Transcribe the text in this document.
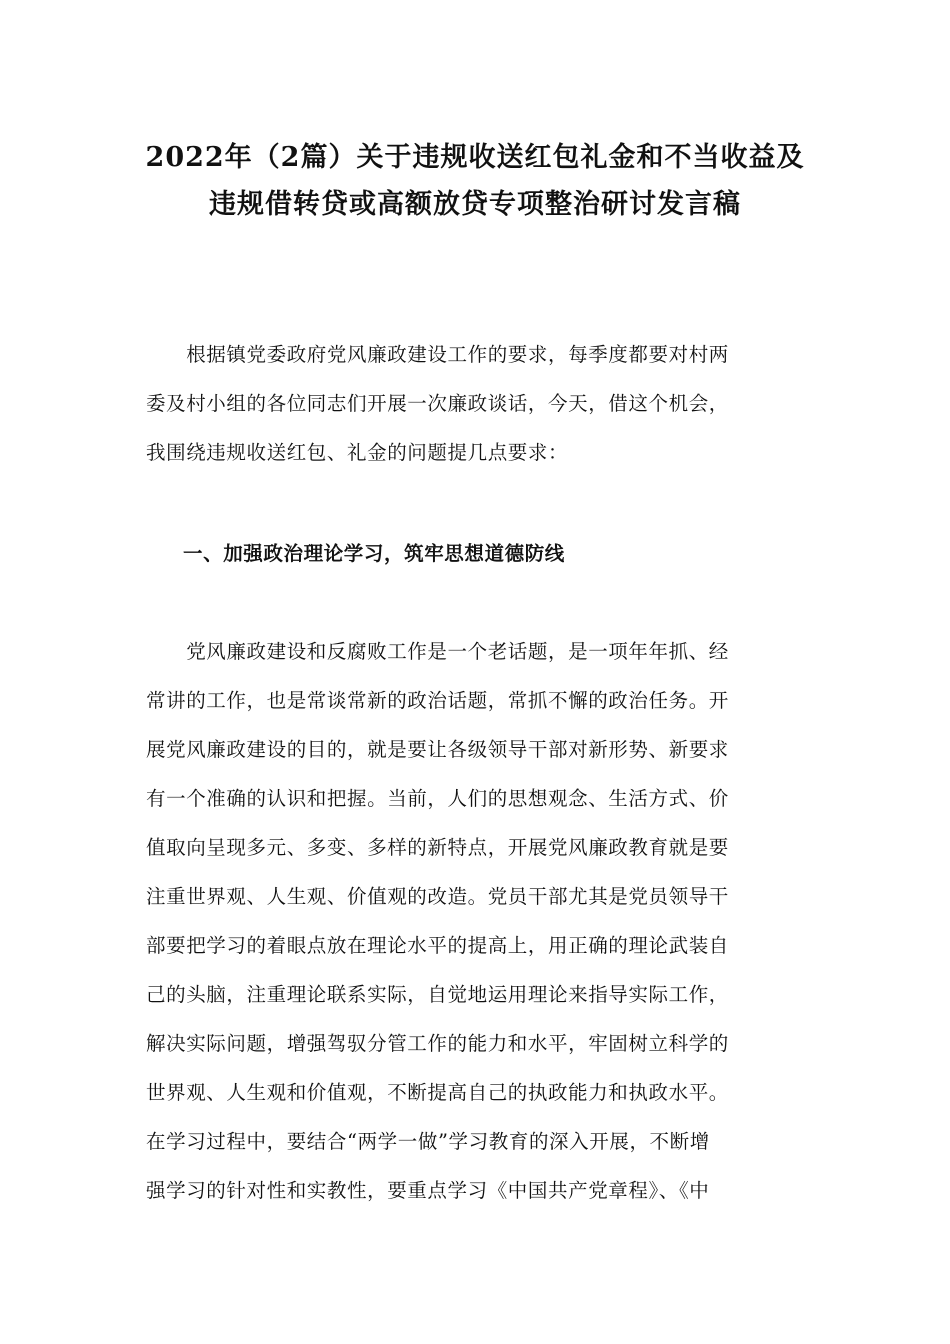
2022年（2篇）关于违规收送红包礼金和不当收益及
违规借转贷或高额放贷专项整治研讨发言稿
　　根据镇党委政府党风廉政建设工作的要求，每季度都要对村两
委及村小组的各位同志们开展一次廉政谈话，今天，借这个机会，
我围绕违规收送红包、礼金的问题提几点要求：
一、加强政治理论学习，筑牢思想道德防线
　　党风廉政建设和反腐败工作是一个老话题，是一项年年抓、经
常讲的工作，也是常谈常新的政治话题，常抓不懈的政治任务。开
展党风廉政建设的目的，就是要让各级领导干部对新形势、新要求
有一个准确的认识和把握。当前，人们的思想观念、生活方式、价
值取向呈现多元、多变、多样的新特点，开展党风廉政教育就是要
注重世界观、人生观、价值观的改造。党员干部尤其是党员领导干
部要把学习的着眼点放在理论水平的提高上，用正确的理论武装自
己的头脑，注重理论联系实际，自觉地运用理论来指导实际工作，
解决实际问题，增强驾驭分管工作的能力和水平，牢固树立科学的
世界观、人生观和价值观，不断提高自己的执政能力和执政水平。
在学习过程中，要结合“两学一做”学习教育的深入开展，不断增
强学习的针对性和实教性，要重点学习《中国共产党章程》、《中
